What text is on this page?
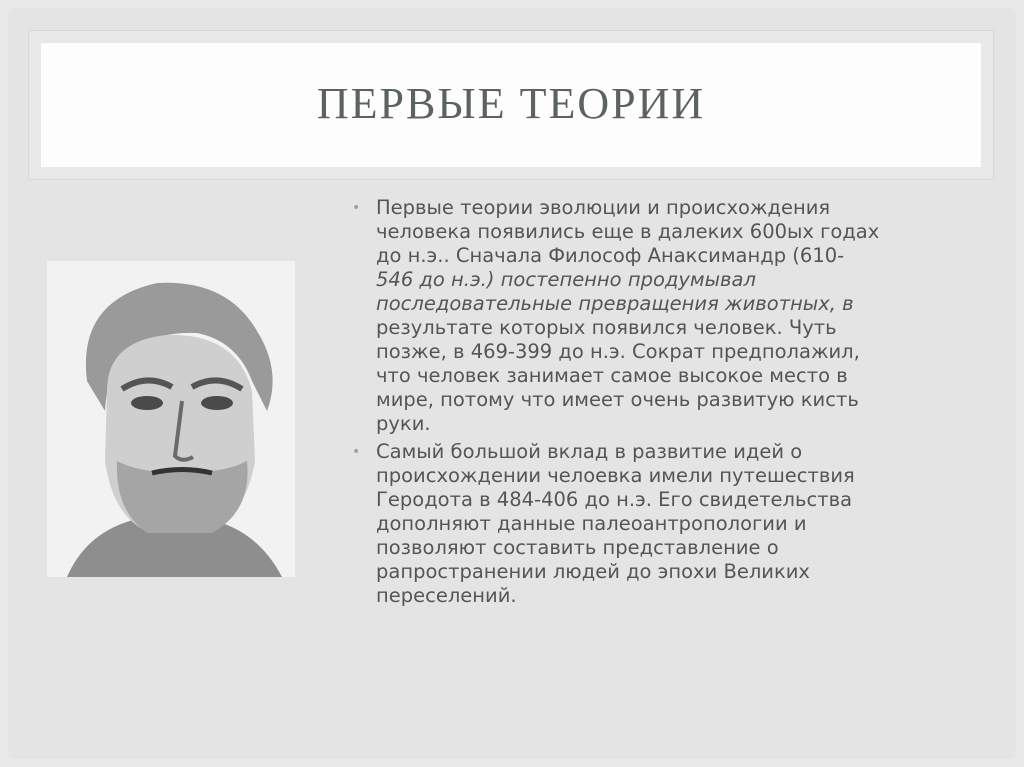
ПЕРВЫЕ ТЕОРИИ
• Первые теории эволюции и происхождения
человека появились еще в далеких 600ых годах
до н.э.. Сначала Философ Анаксимандр (610-
546 до н.э.) постепенно продумывал
последовательные превращения животных, в
результате которых появился человек. Чуть
позже, в 469-399 до н.э. Сократ предполажил,
что человек занимает самое высокое место в
мире, потому что имеет очень развитую кисть
руки.
• Самый большой вклад в развитие идей о
происхождении челоевка имели путешествия
Геродота в 484-406 до н.э. Его свидетельства
дополняют данные палеоантропологии и
позволяют составить представление о
рапространении людей до эпохи Великих
переселений.
